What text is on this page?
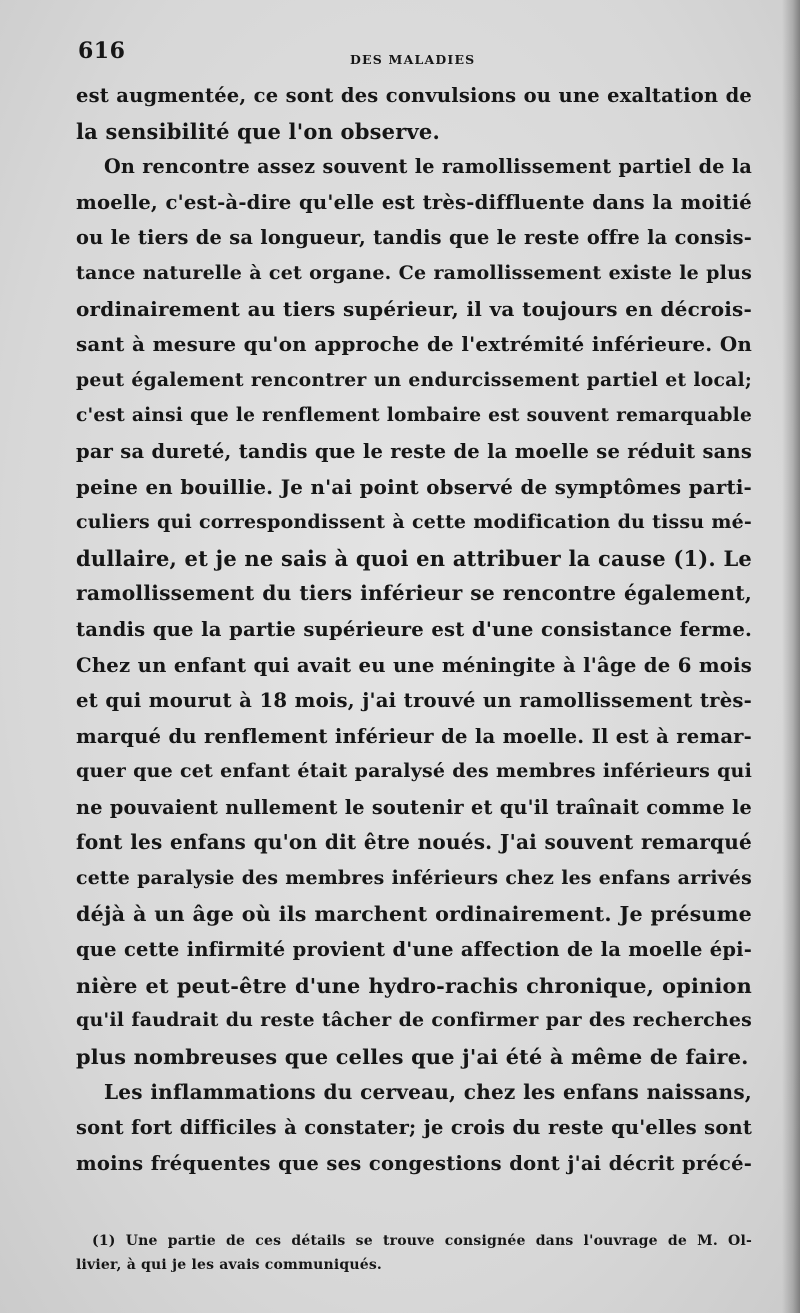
616	DES MALADIES
est augmentée, ce sont des convulsions ou une exaltation de
la sensibilité que l'on observe.
On rencontre assez souvent le ramollissement partiel de la
moelle, c'est-à-dire qu'elle est très-diffluente dans la moitié
ou le tiers de sa longueur, tandis que le reste offre la consis-
tance naturelle à cet organe. Ce ramollissement existe le plus
ordinairement au tiers supérieur, il va toujours en décrois-
sant à mesure qu'on approche de l'extrémité inférieure. On
peut également rencontrer un endurcissement partiel et local;
c'est ainsi que le renflement lombaire est souvent remarquable
par sa dureté, tandis que le reste de la moelle se réduit sans
peine en bouillie. Je n'ai point observé de symptômes parti-
culiers qui correspondissent à cette modification du tissu mé-
dullaire, et je ne sais à quoi en attribuer la cause (1). Le
ramollissement du tiers inférieur se rencontre également,
tandis que la partie supérieure est d'une consistance ferme.
Chez un enfant qui avait eu une méningite à l'âge de 6 mois
et qui mourut à 18 mois, j'ai trouvé un ramollissement très-
marqué du renflement inférieur de la moelle. Il est à remar-
quer que cet enfant était paralysé des membres inférieurs qui
ne pouvaient nullement le soutenir et qu'il traînait comme le
font les enfans qu'on dit être noués. J'ai souvent remarqué
cette paralysie des membres inférieurs chez les enfans arrivés
déjà à un âge où ils marchent ordinairement. Je présume
que cette infirmité provient d'une affection de la moelle épi-
nière et peut-être d'une hydro-rachis chronique, opinion
qu'il faudrait du reste tâcher de confirmer par des recherches
plus nombreuses que celles que j'ai été à même de faire.
Les inflammations du cerveau, chez les enfans naissans,
sont fort difficiles à constater; je crois du reste qu'elles sont
moins fréquentes que ses congestions dont j'ai décrit précé-
(1) Une partie de ces détails se trouve consignée dans l'ouvrage de M. Ol-
livier, à qui je les avais communiqués.
